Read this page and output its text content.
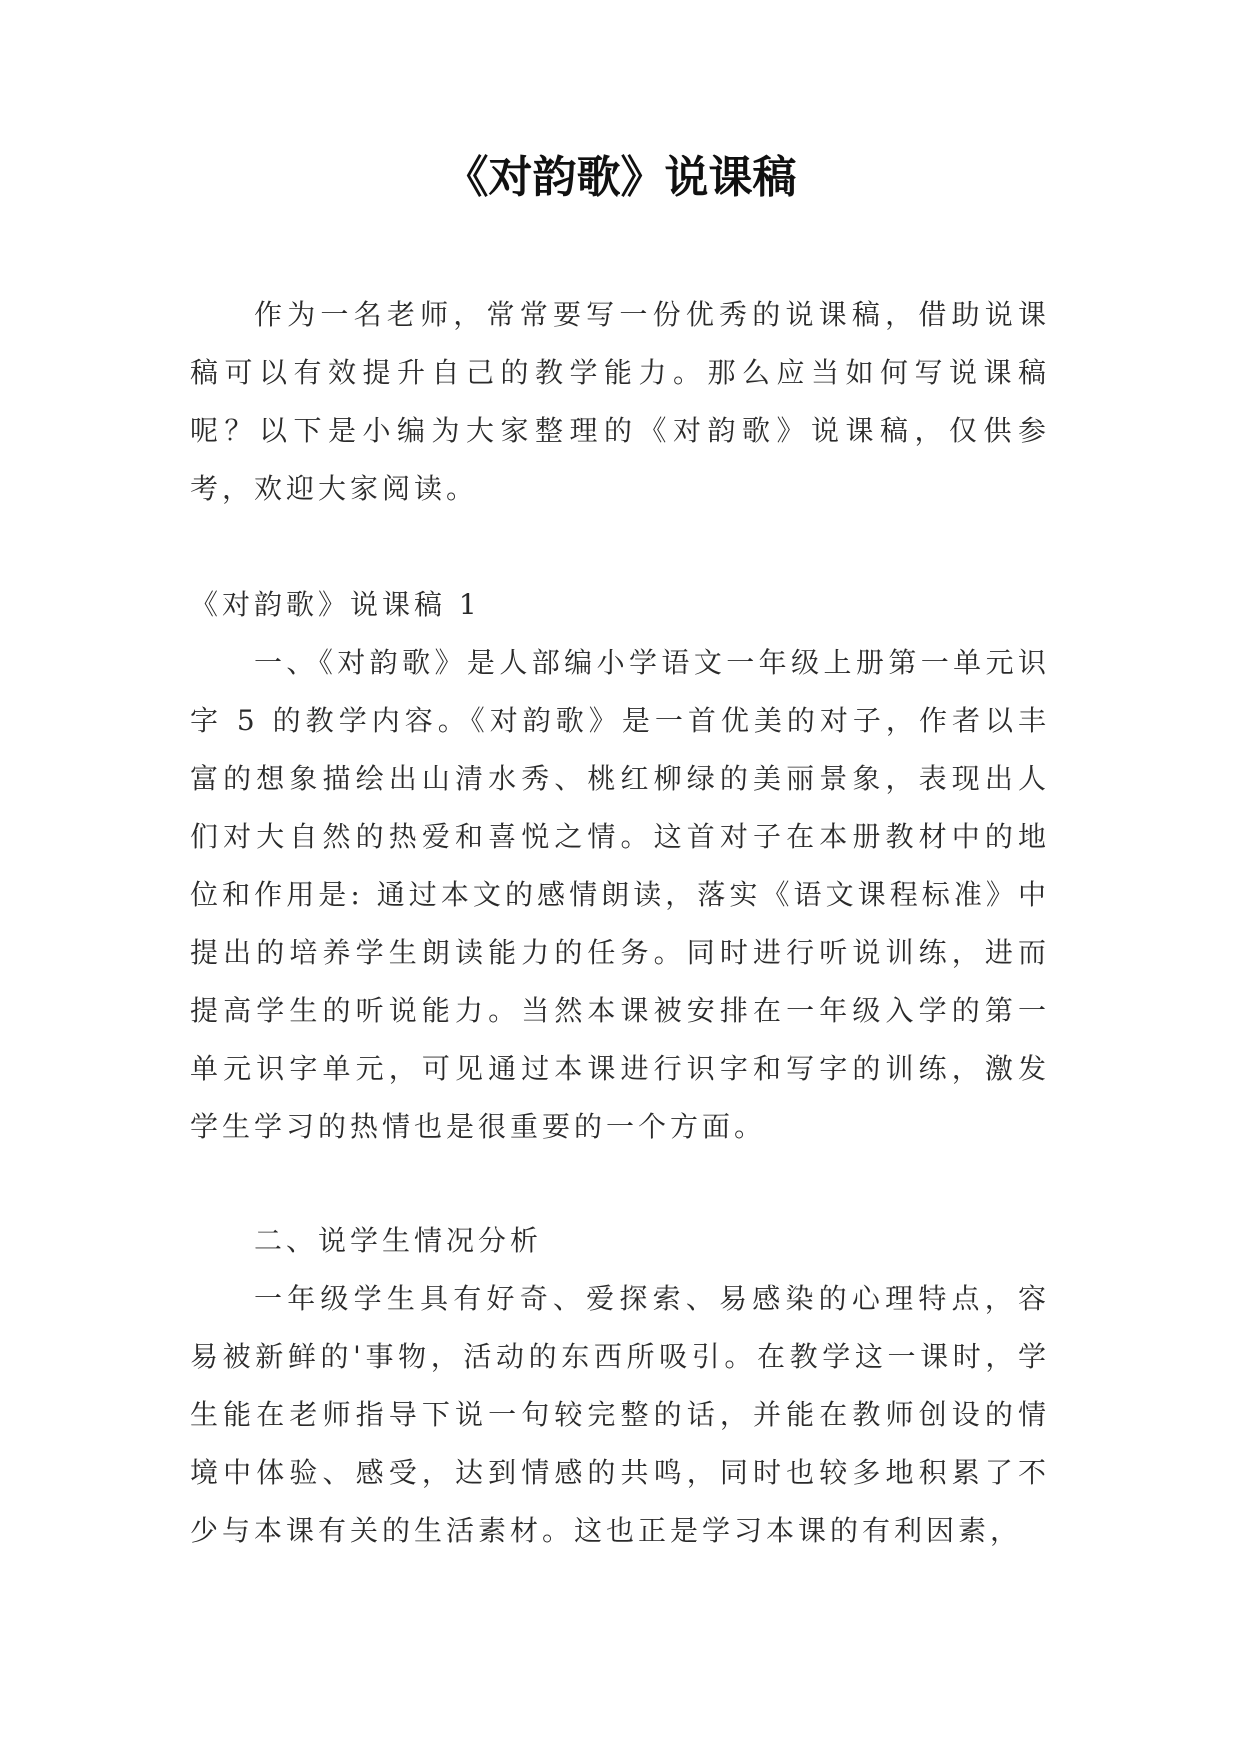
《对韵歌》说课稿

作为一名老师，常常要写一份优秀的说课稿，借助说课稿可以有效提升自己的教学能力。那么应当如何写说课稿呢？以下是小编为大家整理的《对韵歌》说课稿，仅供参考，欢迎大家阅读。

《对韵歌》说课稿 1

一、《对韵歌》是人部编小学语文一年级上册第一单元识字 5 的教学内容。《对韵歌》是一首优美的对子，作者以丰富的想象描绘出山清水秀、桃红柳绿的美丽景象，表现出人们对大自然的热爱和喜悦之情。这首对子在本册教材中的地位和作用是: 通过本文的感情朗读，落实《语文课程标准》中提出的培养学生朗读能力的任务。同时进行听说训练，进而提高学生的听说能力。当然本课被安排在一年级入学的第一单元识字单元，可见通过本课进行识字和写字的训练，激发学生学习的热情也是很重要的一个方面。

二、说学生情况分析

一年级学生具有好奇、爱探索、易感染的心理特点，容易被新鲜的'事物，活动的东西所吸引。在教学这一课时，学生能在老师指导下说一句较完整的话，并能在教师创设的情境中体验、感受，达到情感的共鸣，同时也较多地积累了不少与本课有关的生活素材。这也正是学习本课的有利因素，
